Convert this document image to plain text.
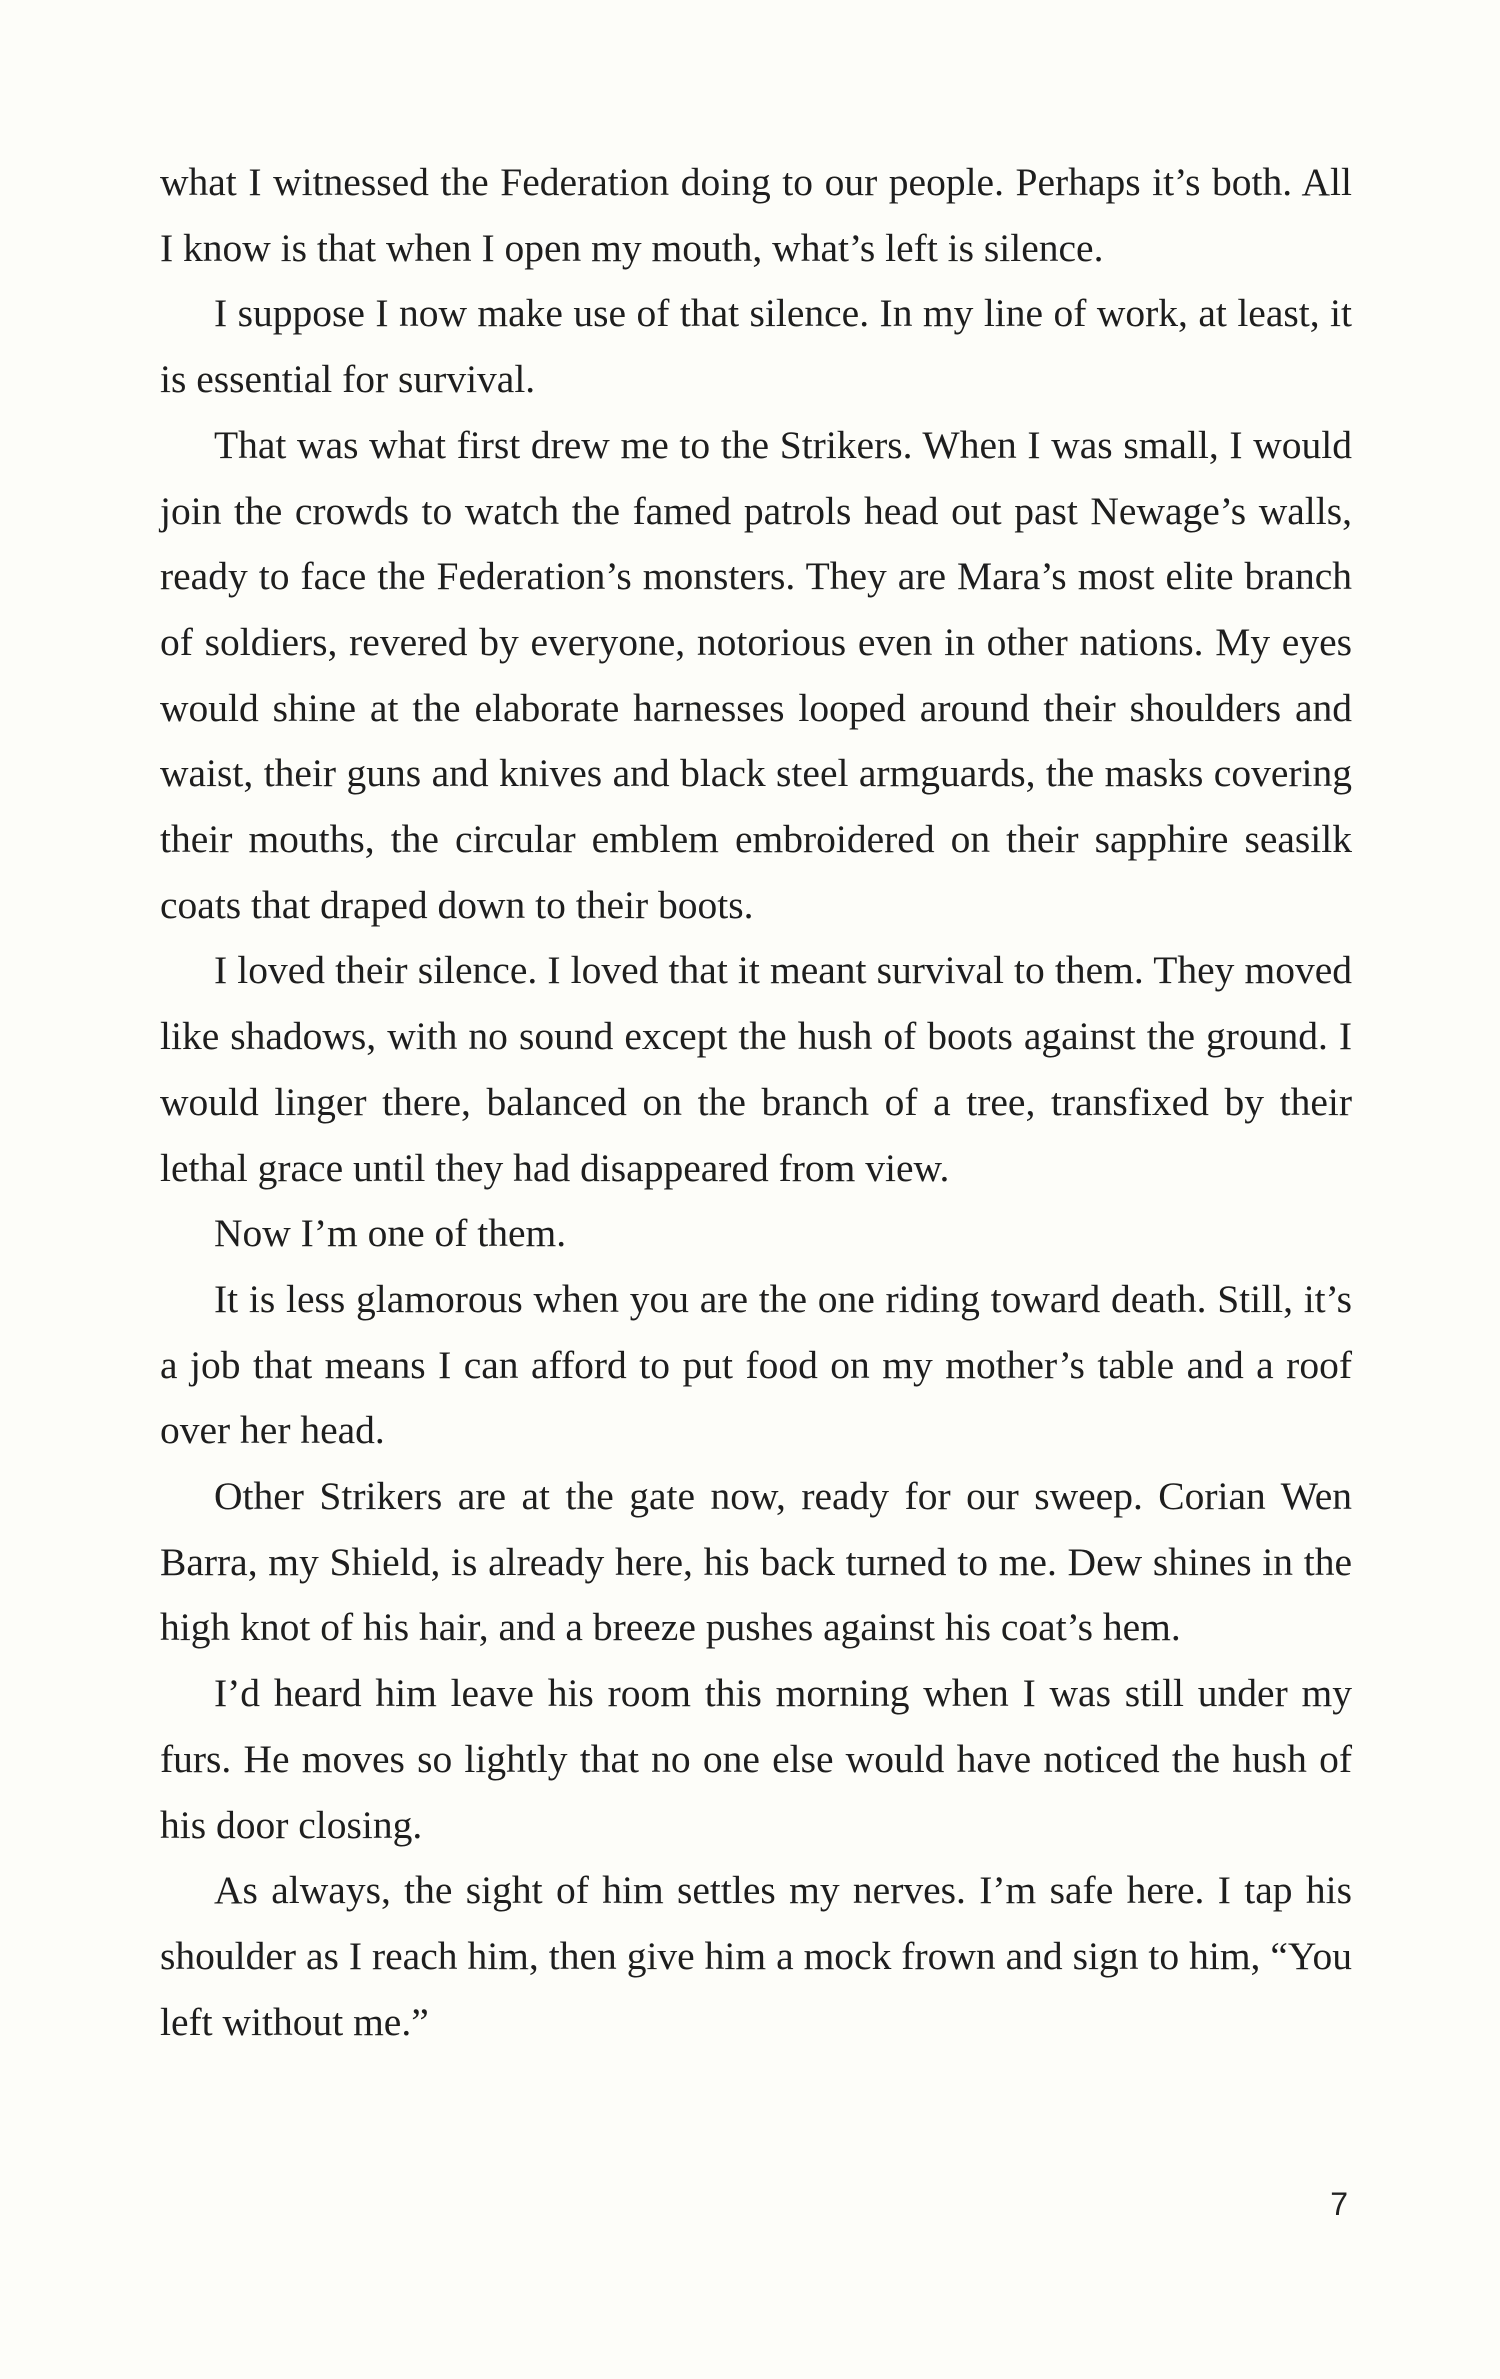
what I witnessed the Federation doing to our people. Perhaps it’s both. All I know is that when I open my mouth, what’s left is silence.

I suppose I now make use of that silence. In my line of work, at least, it is essential for survival.

That was what first drew me to the Strikers. When I was small, I would join the crowds to watch the famed patrols head out past Newage’s walls, ready to face the Federation’s monsters. They are Mara’s most elite branch of soldiers, revered by everyone, notorious even in other nations. My eyes would shine at the elaborate harnesses looped around their shoulders and waist, their guns and knives and black steel armguards, the masks covering their mouths, the circular emblem embroidered on their sapphire seasilk coats that draped down to their boots.

I loved their silence. I loved that it meant survival to them. They moved like shadows, with no sound except the hush of boots against the ground. I would linger there, balanced on the branch of a tree, transfixed by their lethal grace until they had disappeared from view.

Now I’m one of them.

It is less glamorous when you are the one riding toward death. Still, it’s a job that means I can afford to put food on my mother’s table and a roof over her head.

Other Strikers are at the gate now, ready for our sweep. Corian Wen Barra, my Shield, is already here, his back turned to me. Dew shines in the high knot of his hair, and a breeze pushes against his coat’s hem.

I’d heard him leave his room this morning when I was still under my furs. He moves so lightly that no one else would have noticed the hush of his door closing.

As always, the sight of him settles my nerves. I’m safe here. I tap his shoulder as I reach him, then give him a mock frown and sign to him, “You left without me.”

7
